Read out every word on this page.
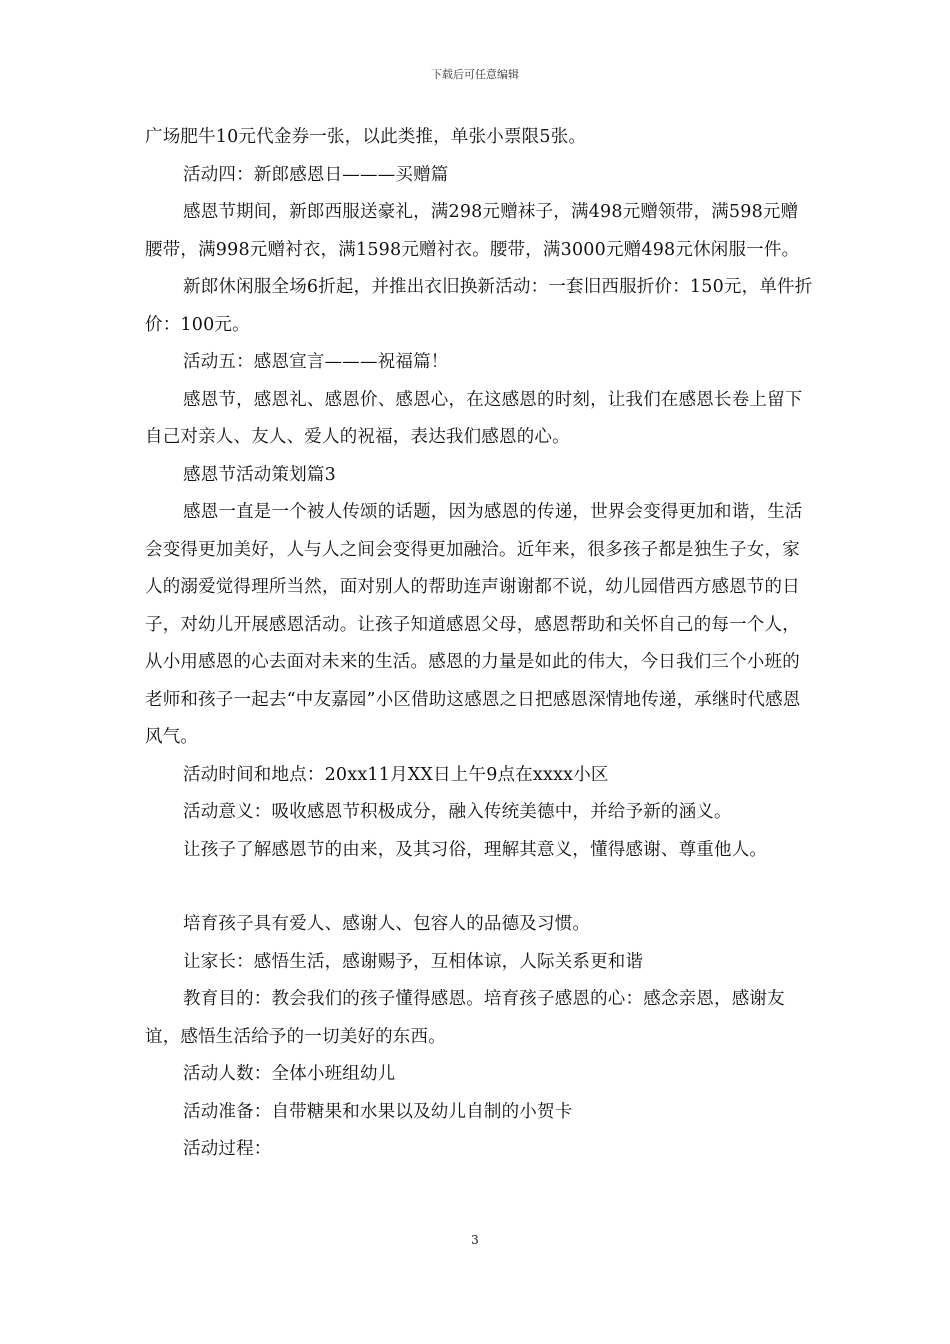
下载后可任意编辑

广场肥牛10元代金券一张，以此类推，单张小票限5张。

活动四：新郎感恩日———买赠篇

感恩节期间，新郎西服送豪礼，满298元赠袜子，满498元赠领带，满598元赠腰带，满998元赠衬衣，满1598元赠衬衣。腰带，满3000元赠498元休闲服一件。

新郎休闲服全场6折起，并推出衣旧换新活动：一套旧西服折价：150元，单件折价：100元。

活动五：感恩宣言———祝福篇！

感恩节，感恩礼、感恩价、感恩心，在这感恩的时刻，让我们在感恩长卷上留下自己对亲人、友人、爱人的祝福，表达我们感恩的心。

感恩节活动策划篇3

感恩一直是一个被人传颂的话题，因为感恩的传递，世界会变得更加和谐，生活会变得更加美好，人与人之间会变得更加融洽。近年来，很多孩子都是独生子女，家人的溺爱觉得理所当然，面对别人的帮助连声谢谢都不说，幼儿园借西方感恩节的日子，对幼儿开展感恩活动。让孩子知道感恩父母，感恩帮助和关怀自己的每一个人，从小用感恩的心去面对未来的生活。感恩的力量是如此的伟大，今日我们三个小班的老师和孩子一起去“中友嘉园”小区借助这感恩之日把感恩深情地传递，承继时代感恩风气。

活动时间和地点：20xx11月XX日上午9点在xxxx小区

活动意义：吸收感恩节积极成分，融入传统美德中，并给予新的涵义。

让孩子了解感恩节的由来，及其习俗，理解其意义，懂得感谢、尊重他人。

培育孩子具有爱人、感谢人、包容人的品德及习惯。

让家长：感悟生活，感谢赐予，互相体谅，人际关系更和谐

教育目的：教会我们的孩子懂得感恩。培育孩子感恩的心：感念亲恩，感谢友谊，感悟生活给予的一切美好的东西。

活动人数：全体小班组幼儿

活动准备：自带糖果和水果以及幼儿自制的小贺卡

活动过程：

3
